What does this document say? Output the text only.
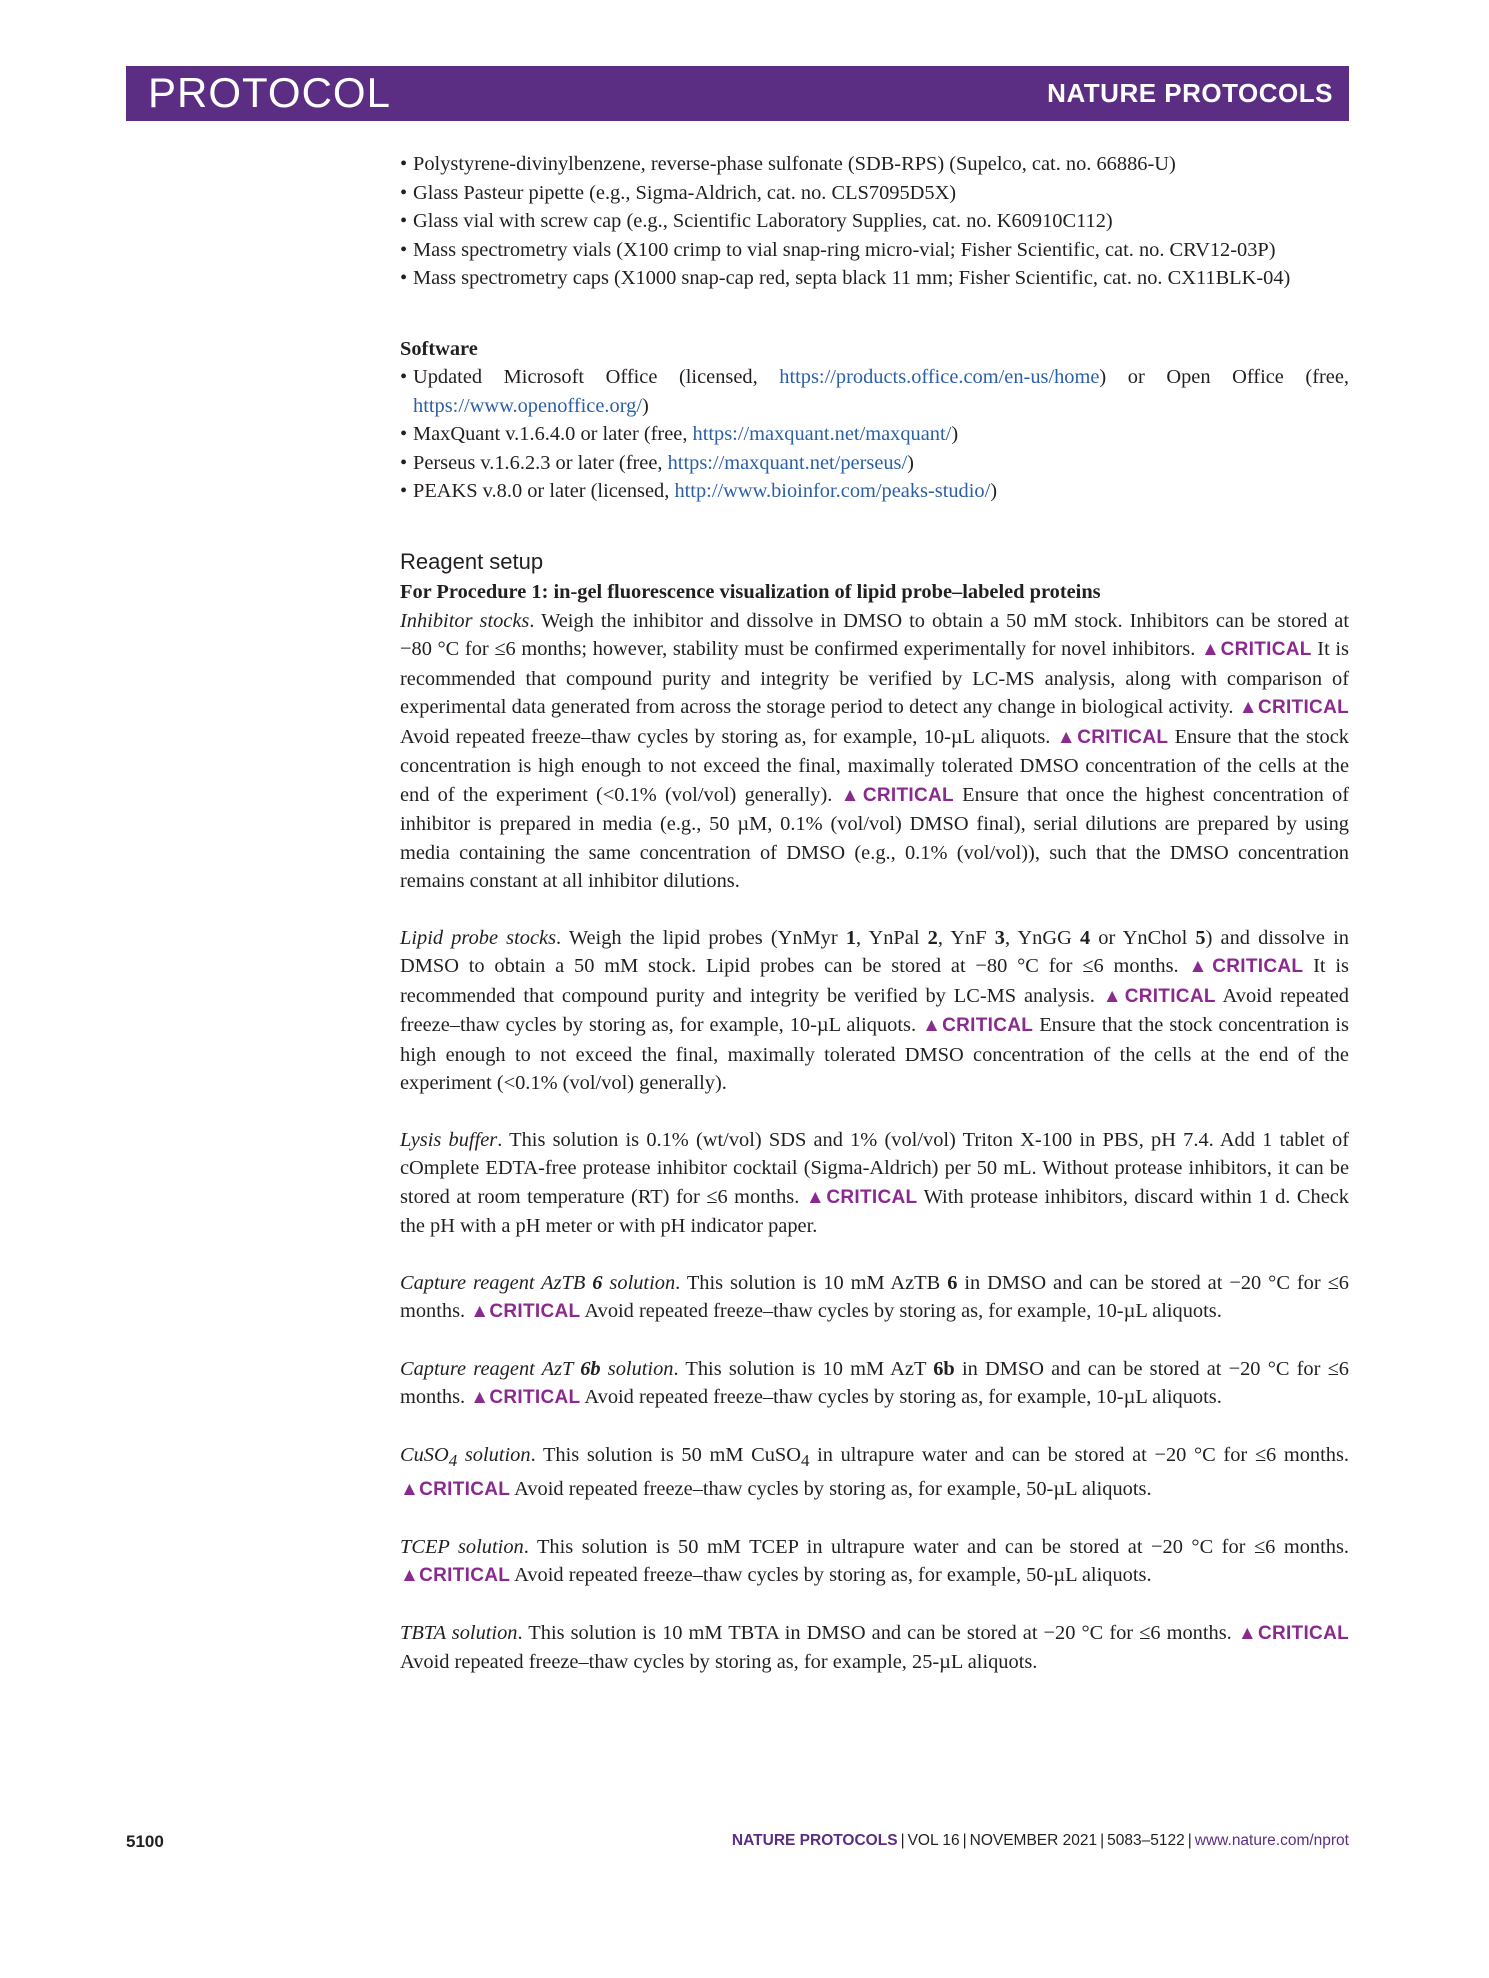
PROTOCOL	NATURE PROTOCOLS
• Polystyrene-divinylbenzene, reverse-phase sulfonate (SDB-RPS) (Supelco, cat. no. 66886-U)
• Glass Pasteur pipette (e.g., Sigma-Aldrich, cat. no. CLS7095D5X)
• Glass vial with screw cap (e.g., Scientific Laboratory Supplies, cat. no. K60910C112)
• Mass spectrometry vials (X100 crimp to vial snap-ring micro-vial; Fisher Scientific, cat. no. CRV12-03P)
• Mass spectrometry caps (X1000 snap-cap red, septa black 11 mm; Fisher Scientific, cat. no. CX11BLK-04)
Software
• Updated Microsoft Office (licensed, https://products.office.com/en-us/home) or Open Office (free, https://www.openoffice.org/)
• MaxQuant v.1.6.4.0 or later (free, https://maxquant.net/maxquant/)
• Perseus v.1.6.2.3 or later (free, https://maxquant.net/perseus/)
• PEAKS v.8.0 or later (licensed, http://www.bioinfor.com/peaks-studio/)
Reagent setup
For Procedure 1: in-gel fluorescence visualization of lipid probe–labeled proteins

Inhibitor stocks. Weigh the inhibitor and dissolve in DMSO to obtain a 50 mM stock. Inhibitors can be stored at −80 °C for ≤6 months; however, stability must be confirmed experimentally for novel inhibitors. ▲CRITICAL It is recommended that compound purity and integrity be verified by LC-MS analysis, along with comparison of experimental data generated from across the storage period to detect any change in biological activity. ▲CRITICAL Avoid repeated freeze–thaw cycles by storing as, for example, 10-µL aliquots. ▲CRITICAL Ensure that the stock concentration is high enough to not exceed the final, maximally tolerated DMSO concentration of the cells at the end of the experiment (<0.1% (vol/vol) generally). ▲CRITICAL Ensure that once the highest concentration of inhibitor is prepared in media (e.g., 50 µM, 0.1% (vol/vol) DMSO final), serial dilutions are prepared by using media containing the same concentration of DMSO (e.g., 0.1% (vol/vol)), such that the DMSO concentration remains constant at all inhibitor dilutions.

Lipid probe stocks. Weigh the lipid probes (YnMyr 1, YnPal 2, YnF 3, YnGG 4 or YnChol 5) and dissolve in DMSO to obtain a 50 mM stock. Lipid probes can be stored at −80 °C for ≤6 months. ▲CRITICAL It is recommended that compound purity and integrity be verified by LC-MS analysis. ▲CRITICAL Avoid repeated freeze–thaw cycles by storing as, for example, 10-µL aliquots. ▲CRITICAL Ensure that the stock concentration is high enough to not exceed the final, maximally tolerated DMSO concentration of the cells at the end of the experiment (<0.1% (vol/vol) generally).

Lysis buffer. This solution is 0.1% (wt/vol) SDS and 1% (vol/vol) Triton X-100 in PBS, pH 7.4. Add 1 tablet of cOmplete EDTA-free protease inhibitor cocktail (Sigma-Aldrich) per 50 mL. Without protease inhibitors, it can be stored at room temperature (RT) for ≤6 months. ▲CRITICAL With protease inhibitors, discard within 1 d. Check the pH with a pH meter or with pH indicator paper.

Capture reagent AzTB 6 solution. This solution is 10 mM AzTB 6 in DMSO and can be stored at −20 °C for ≤6 months. ▲CRITICAL Avoid repeated freeze–thaw cycles by storing as, for example, 10-µL aliquots.

Capture reagent AzT 6b solution. This solution is 10 mM AzT 6b in DMSO and can be stored at −20 °C for ≤6 months. ▲CRITICAL Avoid repeated freeze–thaw cycles by storing as, for example, 10-µL aliquots.

CuSO$_4$ solution. This solution is 50 mM CuSO$_4$ in ultrapure water and can be stored at −20 °C for ≤6 months. ▲CRITICAL Avoid repeated freeze–thaw cycles by storing as, for example, 50-µL aliquots.

TCEP solution. This solution is 50 mM TCEP in ultrapure water and can be stored at −20 °C for ≤6 months. ▲CRITICAL Avoid repeated freeze–thaw cycles by storing as, for example, 50-µL aliquots.

TBTA solution. This solution is 10 mM TBTA in DMSO and can be stored at −20 °C for ≤6 months. ▲CRITICAL Avoid repeated freeze–thaw cycles by storing as, for example, 25-µL aliquots.

5100	NATURE PROTOCOLS | VOL 16 | NOVEMBER 2021 | 5083–5122 | www.nature.com/nprot
